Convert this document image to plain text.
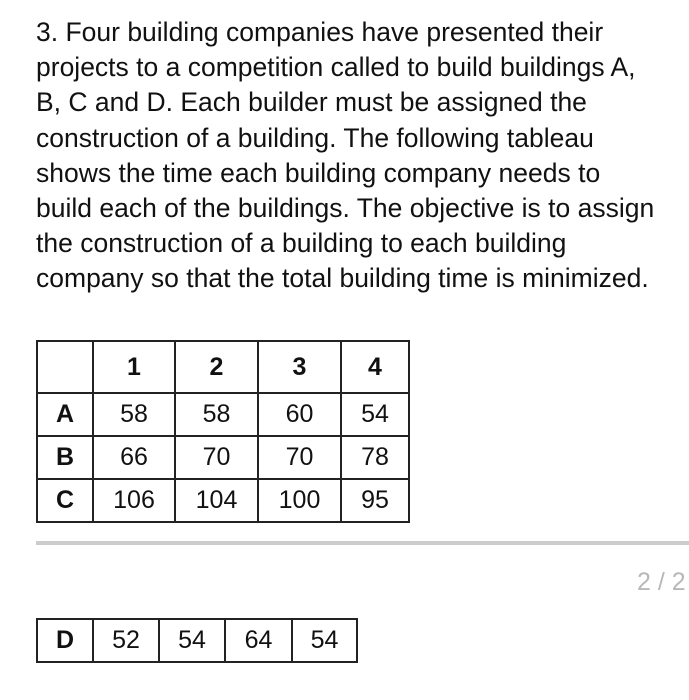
3. Four building companies have presented their
projects to a competition called to build buildings A,
B, C and D. Each builder must be assigned the
construction of a building. The following tableau
shows the time each building company needs to
build each of the buildings. The objective is to assign
the construction of a building to each building
company so that the total building time is minimized.

	1	2	3	4
A	58	58	60	54
B	66	70	70	78
C	106	104	100	95
2 / 2
D	52	54	64	54
